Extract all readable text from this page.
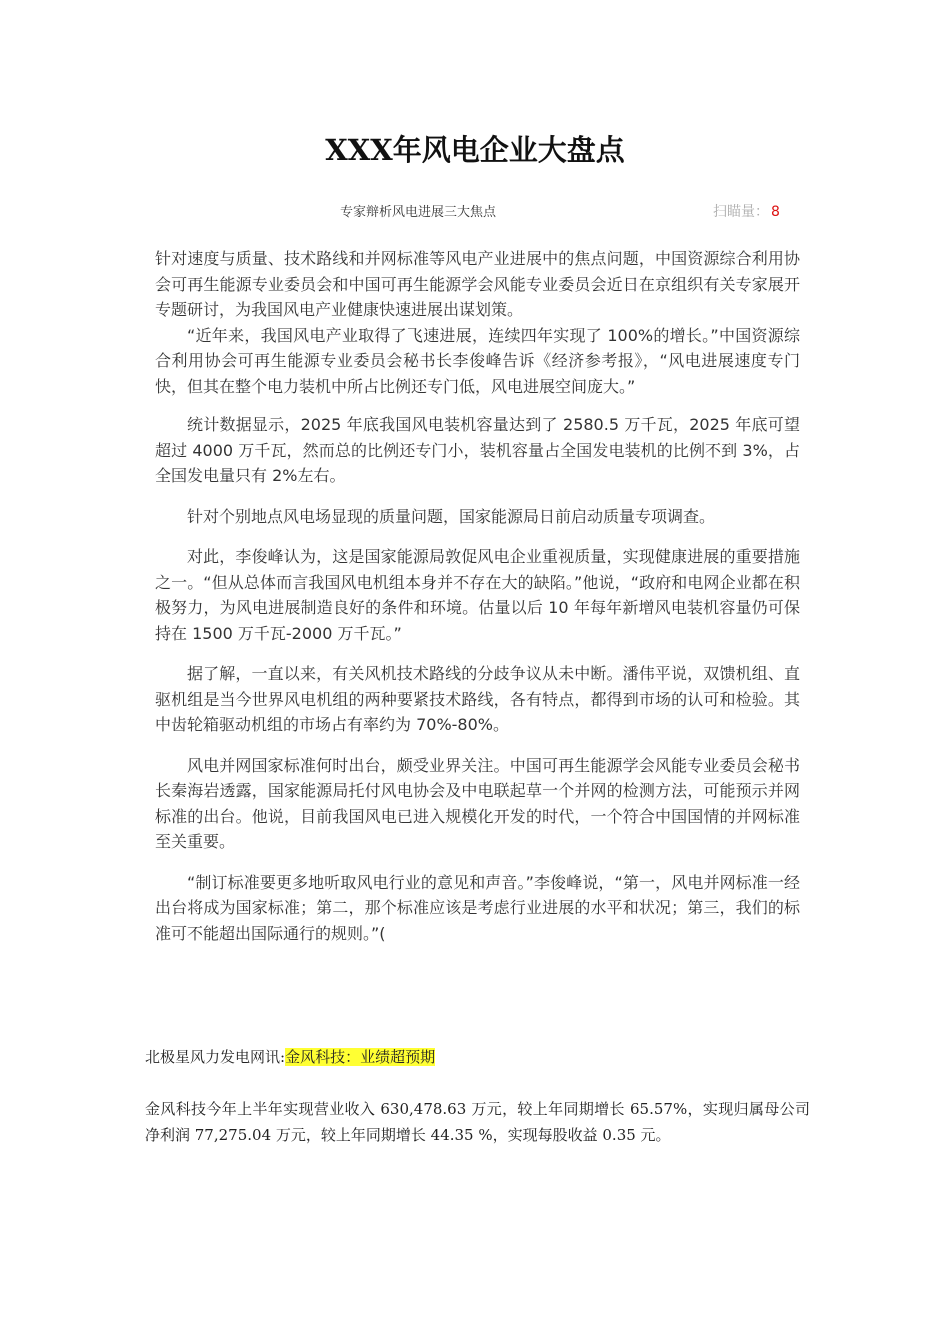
XXX年风电企业大盘点
专家辩析风电进展三大焦点	扫瞄量： 8

针对速度与质量、技术路线和并网标准等风电产业进展中的焦点问题，中国资源综合利用协会可再生能源专业委员会和中国可再生能源学会风能专业委员会近日在京组织有关专家展开专题研讨，为我国风电产业健康快速进展出谋划策。

“近年来，我国风电产业取得了飞速进展，连续四年实现了 100%的增长。”中国资源综合利用协会可再生能源专业委员会秘书长李俊峰告诉《经济参考报》，“风电进展速度专门快，但其在整个电力装机中所占比例还专门低，风电进展空间庞大。”

统计数据显示，2025 年底我国风电装机容量达到了 2580.5 万千瓦，2025 年底可望超过 4000 万千瓦，然而总的比例还专门小，装机容量占全国发电装机的比例不到 3%，占全国发电量只有 2%左右。

针对个别地点风电场显现的质量问题，国家能源局日前启动质量专项调查。

对此，李俊峰认为，这是国家能源局敦促风电企业重视质量，实现健康进展的重要措施之一。“但从总体而言我国风电机组本身并不存在大的缺陷。”他说，“政府和电网企业都在积极努力，为风电进展制造良好的条件和环境。估量以后 10 年每年新增风电装机容量仍可保持在 1500 万千瓦-2000 万千瓦。”

据了解，一直以来，有关风机技术路线的分歧争议从未中断。潘伟平说，双馈机组、直驱机组是当今世界风电机组的两种要紧技术路线，各有特点，都得到市场的认可和检验。其中齿轮箱驱动机组的市场占有率约为 70%-80%。

风电并网国家标准何时出台，颇受业界关注。中国可再生能源学会风能专业委员会秘书长秦海岩透露，国家能源局托付风电协会及中电联起草一个并网的检测方法，可能预示并网标准的出台。他说，目前我国风电已进入规模化开发的时代，一个符合中国国情的并网标准至关重要。

“制订标准要更多地听取风电行业的意见和声音。”李俊峰说，“第一，风电并网标准一经出台将成为国家标准；第二，那个标准应该是考虑行业进展的水平和状况；第三，我们的标准可不能超出国际通行的规则。”(

北极星风力发电网讯:金风科技：业绩超预期
金风科技今年上半年实现营业收入 630,478.63 万元，较上年同期增长 65.57%，实现归属母公司净利润 77,275.04 万元，较上年同期增长 44.35 %，实现每股收益 0.35 元。
